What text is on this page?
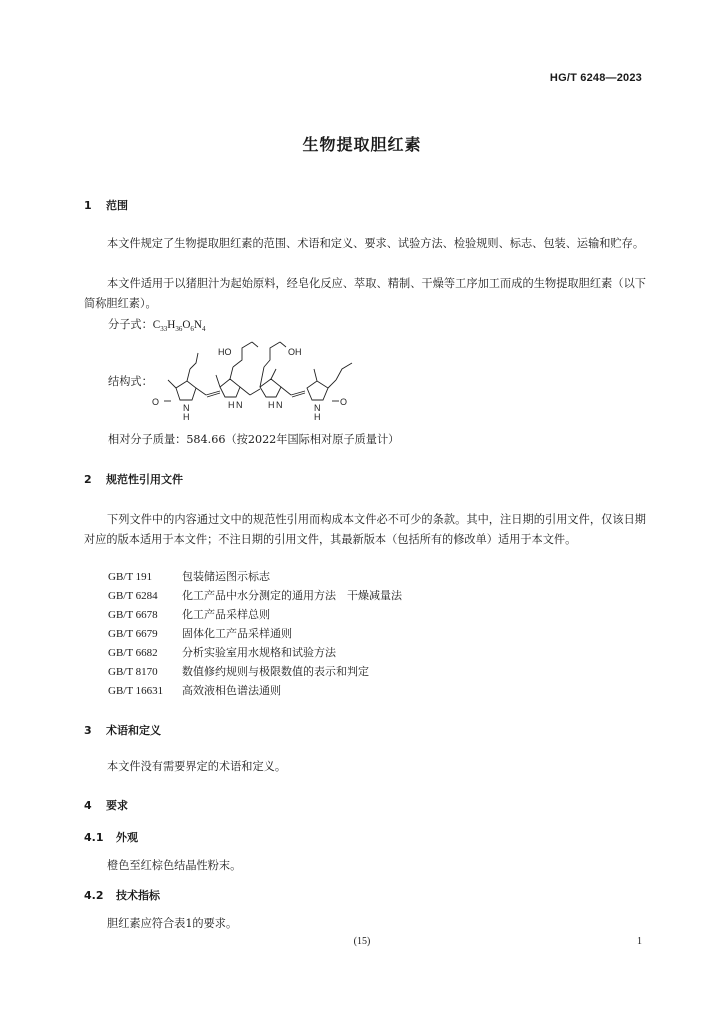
HG/T 6248—2023
生物提取胆红素
1 范围
本文件规定了生物提取胆红素的范围、术语和定义、要求、试验方法、检验规则、标志、包装、运输和贮存。
本文件适用于以猪胆汁为起始原料，经皂化反应、萃取、精制、干燥等工序加工而成的生物提取胆红素（以下简称胆红素）。
分子式：$C_{33}H_{36}O_6N_4$
结构式：
O
HO	OH
O
N
H
H N	H N	N
H
相对分子质量：584.66（按2022年国际相对原子质量计）
2 规范性引用文件
下列文件中的内容通过文中的规范性引用而构成本文件必不可少的条款。其中，注日期的引用文件，仅该日期对应的版本适用于本文件；不注日期的引用文件，其最新版本（包括所有的修改单）适用于本文件。
GB/T 191	包装储运图示标志
GB/T 6284 化工产品中水分测定的通用方法　干燥减量法
GB/T 6678 化工产品采样总则
GB/T 6679 固体化工产品采样通则
GB/T 6682 分析实验室用水规格和试验方法
GB/T 8170 数值修约规则与极限数值的表示和判定
GB/T 16631 高效液相色谱法通则
3 术语和定义
本文件没有需要界定的术语和定义。
4 要求
4.1 外观
橙色至红棕色结晶性粉末。
4.2 技术指标
胆红素应符合表1的要求。
(15)	1
